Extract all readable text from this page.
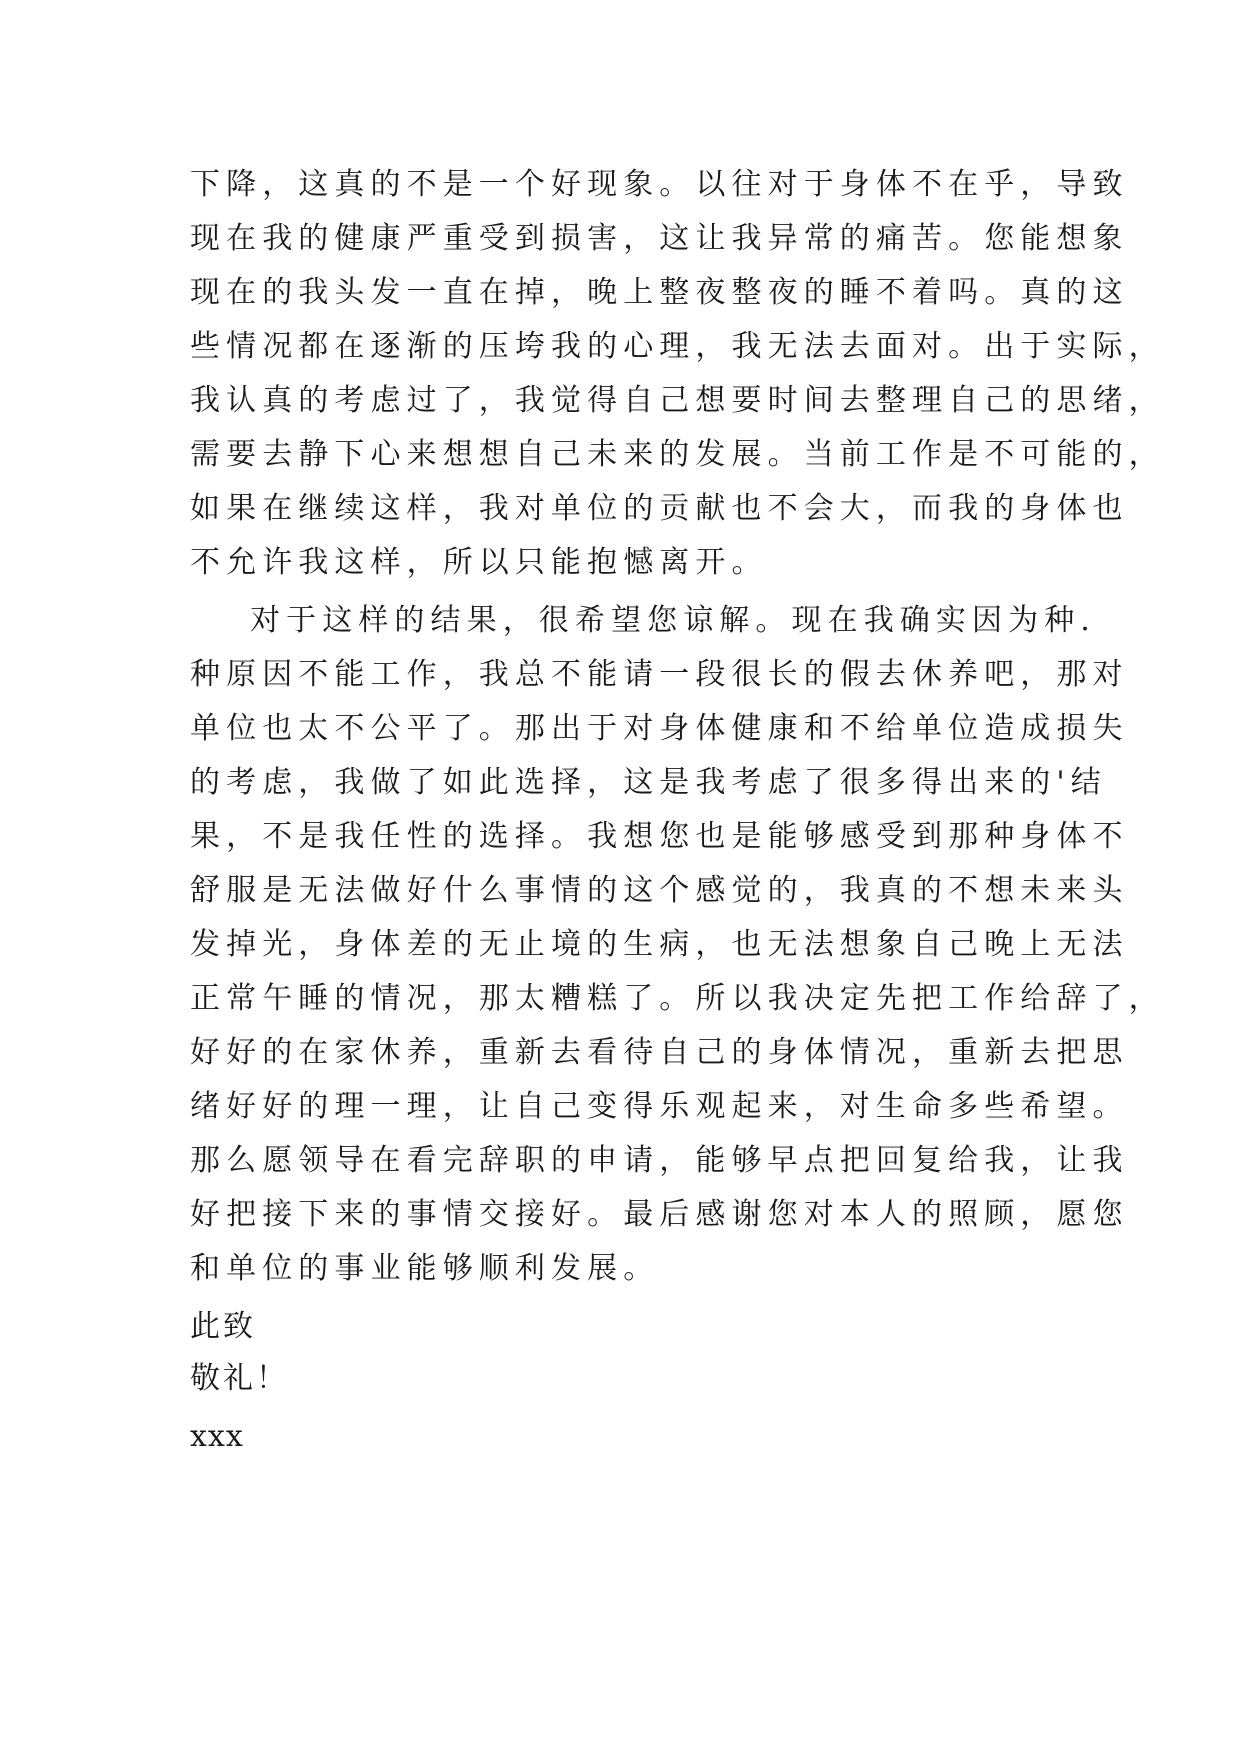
下降，这真的不是一个好现象。以往对于身体不在乎，导致
现在我的健康严重受到损害，这让我异常的痛苦。您能想象
现在的我头发一直在掉，晚上整夜整夜的睡不着吗。真的这
些情况都在逐渐的压垮我的心理，我无法去面对。出于实际，
我认真的考虑过了，我觉得自己想要时间去整理自己的思绪，
需要去静下心来想想自己未来的发展。当前工作是不可能的，
如果在继续这样，我对单位的贡献也不会大，而我的身体也
不允许我这样，所以只能抱憾离开。
对于这样的结果，很希望您谅解。现在我确实因为种.
种原因不能工作，我总不能请一段很长的假去休养吧，那对
单位也太不公平了。那出于对身体健康和不给单位造成损失
的考虑，我做了如此选择，这是我考虑了很多得出来的'结
果，不是我任性的选择。我想您也是能够感受到那种身体不
舒服是无法做好什么事情的这个感觉的，我真的不想未来头
发掉光，身体差的无止境的生病，也无法想象自己晚上无法
正常午睡的情况，那太糟糕了。所以我决定先把工作给辞了，
好好的在家休养，重新去看待自己的身体情况，重新去把思
绪好好的理一理，让自己变得乐观起来，对生命多些希望。
那么愿领导在看完辞职的申请，能够早点把回复给我，让我
好把接下来的事情交接好。最后感谢您对本人的照顾，愿您
和单位的事业能够顺利发展。
此致
敬礼！
xxx
